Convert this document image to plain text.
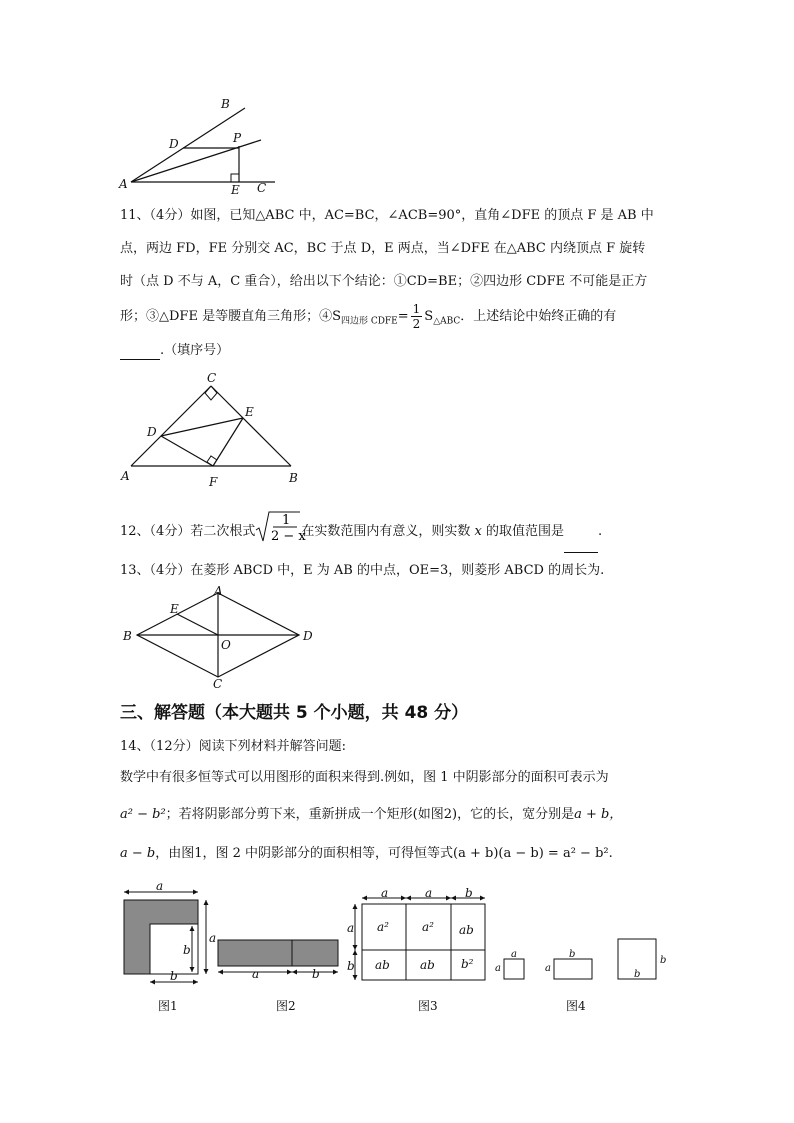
B
D	P
A	E C
11、（4分）如图，已知△ABC 中，AC=BC，∠ACB=90°，直角∠DFE 的顶点 F 是 AB 中
点，两边 FD，FE 分别交 AC，BC 于点 D，E 两点，当∠DFE 在△ABC 内绕顶点 F 旋转
时（点 D 不与 A，C 重合），给出以下个结论：①CD=BE；②四边形 CDFE 不可能是正方
形；③△DFE 是等腰直角三角形；$④S_{四边形 CDFE}= \frac{1}{2} S_{\triangle ABC}$．上述结论中始终正确的有
.（填序号）
C
D
E
A	F	B
12、（4分）若二次根式
1
2 − x
在实数范围内有意义，则实数 x 的取值范围是	.
13、（4分）在菱形 ABCD 中，E 为 AB 的中点，OE=3，则菱形 ABCD 的周长为.
A
E
B
O
D
C
三、解答题（本大题共 5 个小题，共 48 分）
14、（12分）阅读下列材料并解答问题:
数学中有很多恒等式可以用图形的面积来得到.例如，图 1 中阴影部分的面积可表示为
a² − b²；若将阴影部分剪下来，重新拼成一个矩形(如图2)，它的长，宽分别是a + b，
a − b，由图1，图 2 中阴影部分的面积相等，可得恒等式(a + b)(a − b) = a² − b².
a
a
b
b
图1
a	b
图2
a	a	b
a
b
a²	a² ab
ab	ab b²
图3
a
a
b
a
b
b
图4
